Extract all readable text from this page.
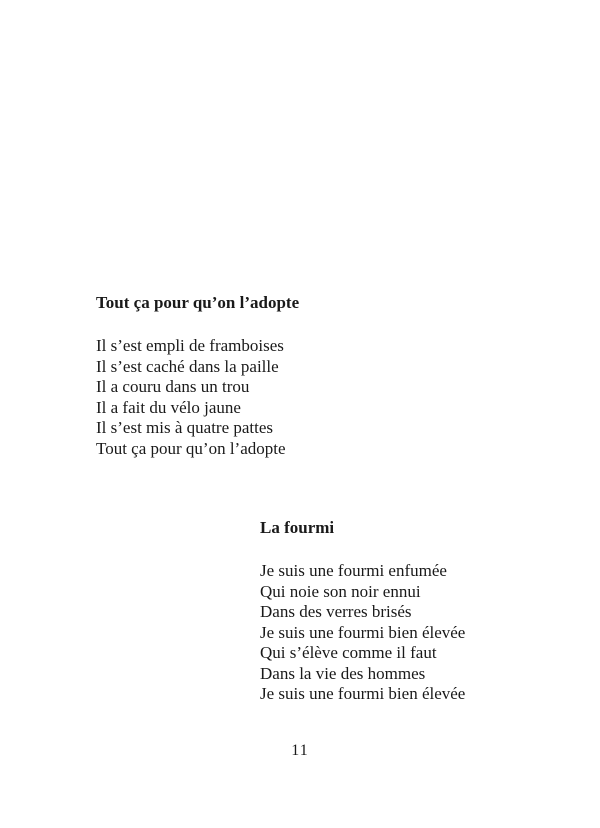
Tout ça pour qu’on l’adopte
Il s’est empli de framboises
Il s’est caché dans la paille
Il a couru dans un trou
Il a fait du vélo jaune
Il s’est mis à quatre pattes
Tout ça pour qu’on l’adopte
La fourmi
Je suis une fourmi enfumée
Qui noie son noir ennui
Dans des verres brisés
Je suis une fourmi bien élevée
Qui s’élève comme il faut
Dans la vie des hommes
Je suis une fourmi bien élevée
11
